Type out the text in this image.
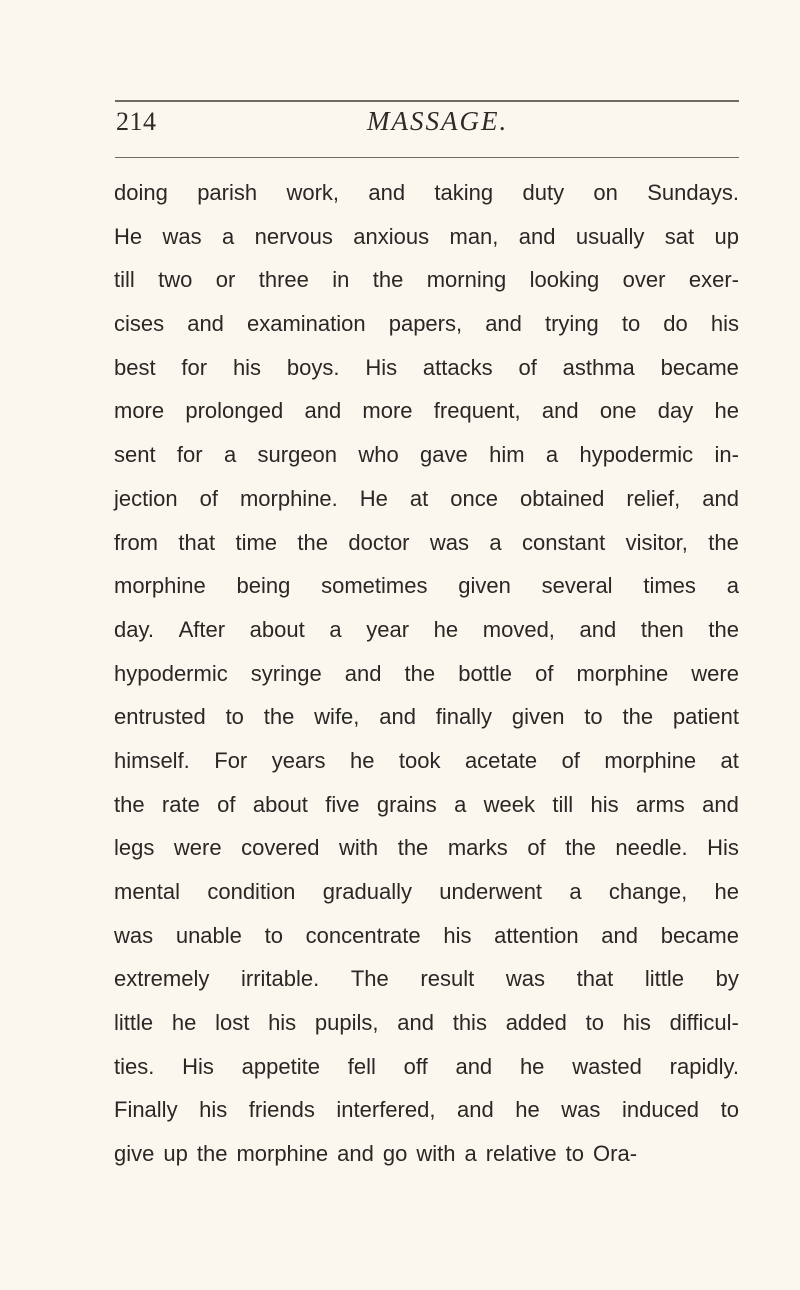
214	MASSAGE.
doing parish work, and taking duty on Sundays.
He was a nervous anxious man, and usually sat up
till two or three in the morning looking over exer-
cises and examination papers, and trying to do his
best for his boys. His attacks of asthma became
more prolonged and more frequent, and one day he
sent for a surgeon who gave him a hypodermic in-
jection of morphine. He at once obtained relief, and
from that time the doctor was a constant visitor, the
morphine being sometimes given several times a
day. After about a year he moved, and then the
hypodermic syringe and the bottle of morphine were
entrusted to the wife, and finally given to the patient
himself. For years he took acetate of morphine at
the rate of about five grains a week till his arms and
legs were covered with the marks of the needle. His
mental condition gradually underwent a change, he
was unable to concentrate his attention and became
extremely irritable. The result was that little by
little he lost his pupils, and this added to his difficul-
ties. His appetite fell off and he wasted rapidly.
Finally his friends interfered, and he was induced to
give up the morphine and go with a relative to Ora-
